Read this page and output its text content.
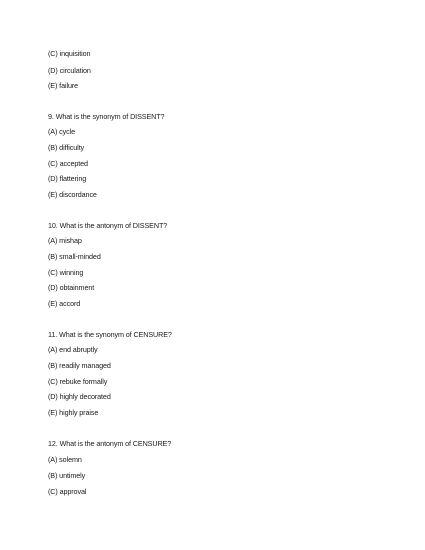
(C) inquisition
(D) circulation
(E) failure
9. What is the synonym of DISSENT?
(A) cycle
(B) difficulty
(C) accepted
(D) flattering
(E) discordance
10. What is the antonym of DISSENT?
(A) mishap
(B) small-minded
(C) winning
(D) obtainment
(E) accord
11. What is the synonym of CENSURE?
(A) end abruptly
(B) readily managed
(C) rebuke formally
(D) highly decorated
(E) highly praise
12. What is the antonym of CENSURE?
(A) solemn
(B) untimely
(C) approval
